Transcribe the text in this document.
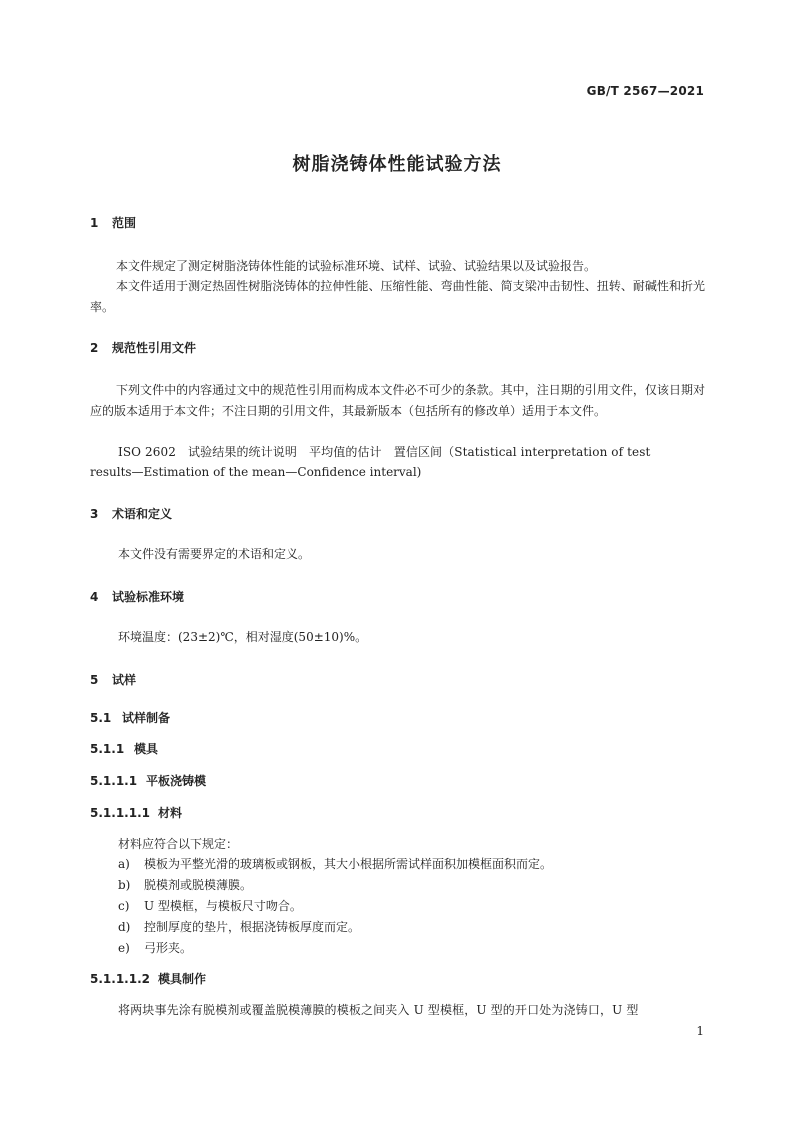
GB/T 2567—2021
树脂浇铸体性能试验方法
1 范围
本文件规定了测定树脂浇铸体性能的试验标准环境、试样、试验、试验结果以及试验报告。
本文件适用于测定热固性树脂浇铸体的拉伸性能、压缩性能、弯曲性能、简支梁冲击韧性、扭转、耐碱性和折光率。
2 规范性引用文件
下列文件中的内容通过文中的规范性引用而构成本文件必不可少的条款。其中，注日期的引用文件，仅该日期对应的版本适用于本文件；不注日期的引用文件，其最新版本（包括所有的修改单）适用于本文件。
ISO 2602　试验结果的统计说明　平均值的估计　置信区间（Statistical interpretation of test
results—Estimation of the mean—Confidence interval)
3 术语和定义
本文件没有需要界定的术语和定义。
4 试验标准环境
环境温度：(23±2)℃，相对湿度(50±10)%。
5 试样
5.1 试样制备
5.1.1 模具
5.1.1.1 平板浇铸模
5.1.1.1.1 材料
材料应符合以下规定：
a) 模板为平整光滑的玻璃板或钢板，其大小根据所需试样面积加模框面积而定。
b) 脱模剂或脱模薄膜。
c) U 型模框，与模板尺寸吻合。
d) 控制厚度的垫片，根据浇铸板厚度而定。
e) 弓形夹。
5.1.1.1.2 模具制作
将两块事先涂有脱模剂或覆盖脱模薄膜的模板之间夹入 U 型模框，U 型的开口处为浇铸口，U 型
1
